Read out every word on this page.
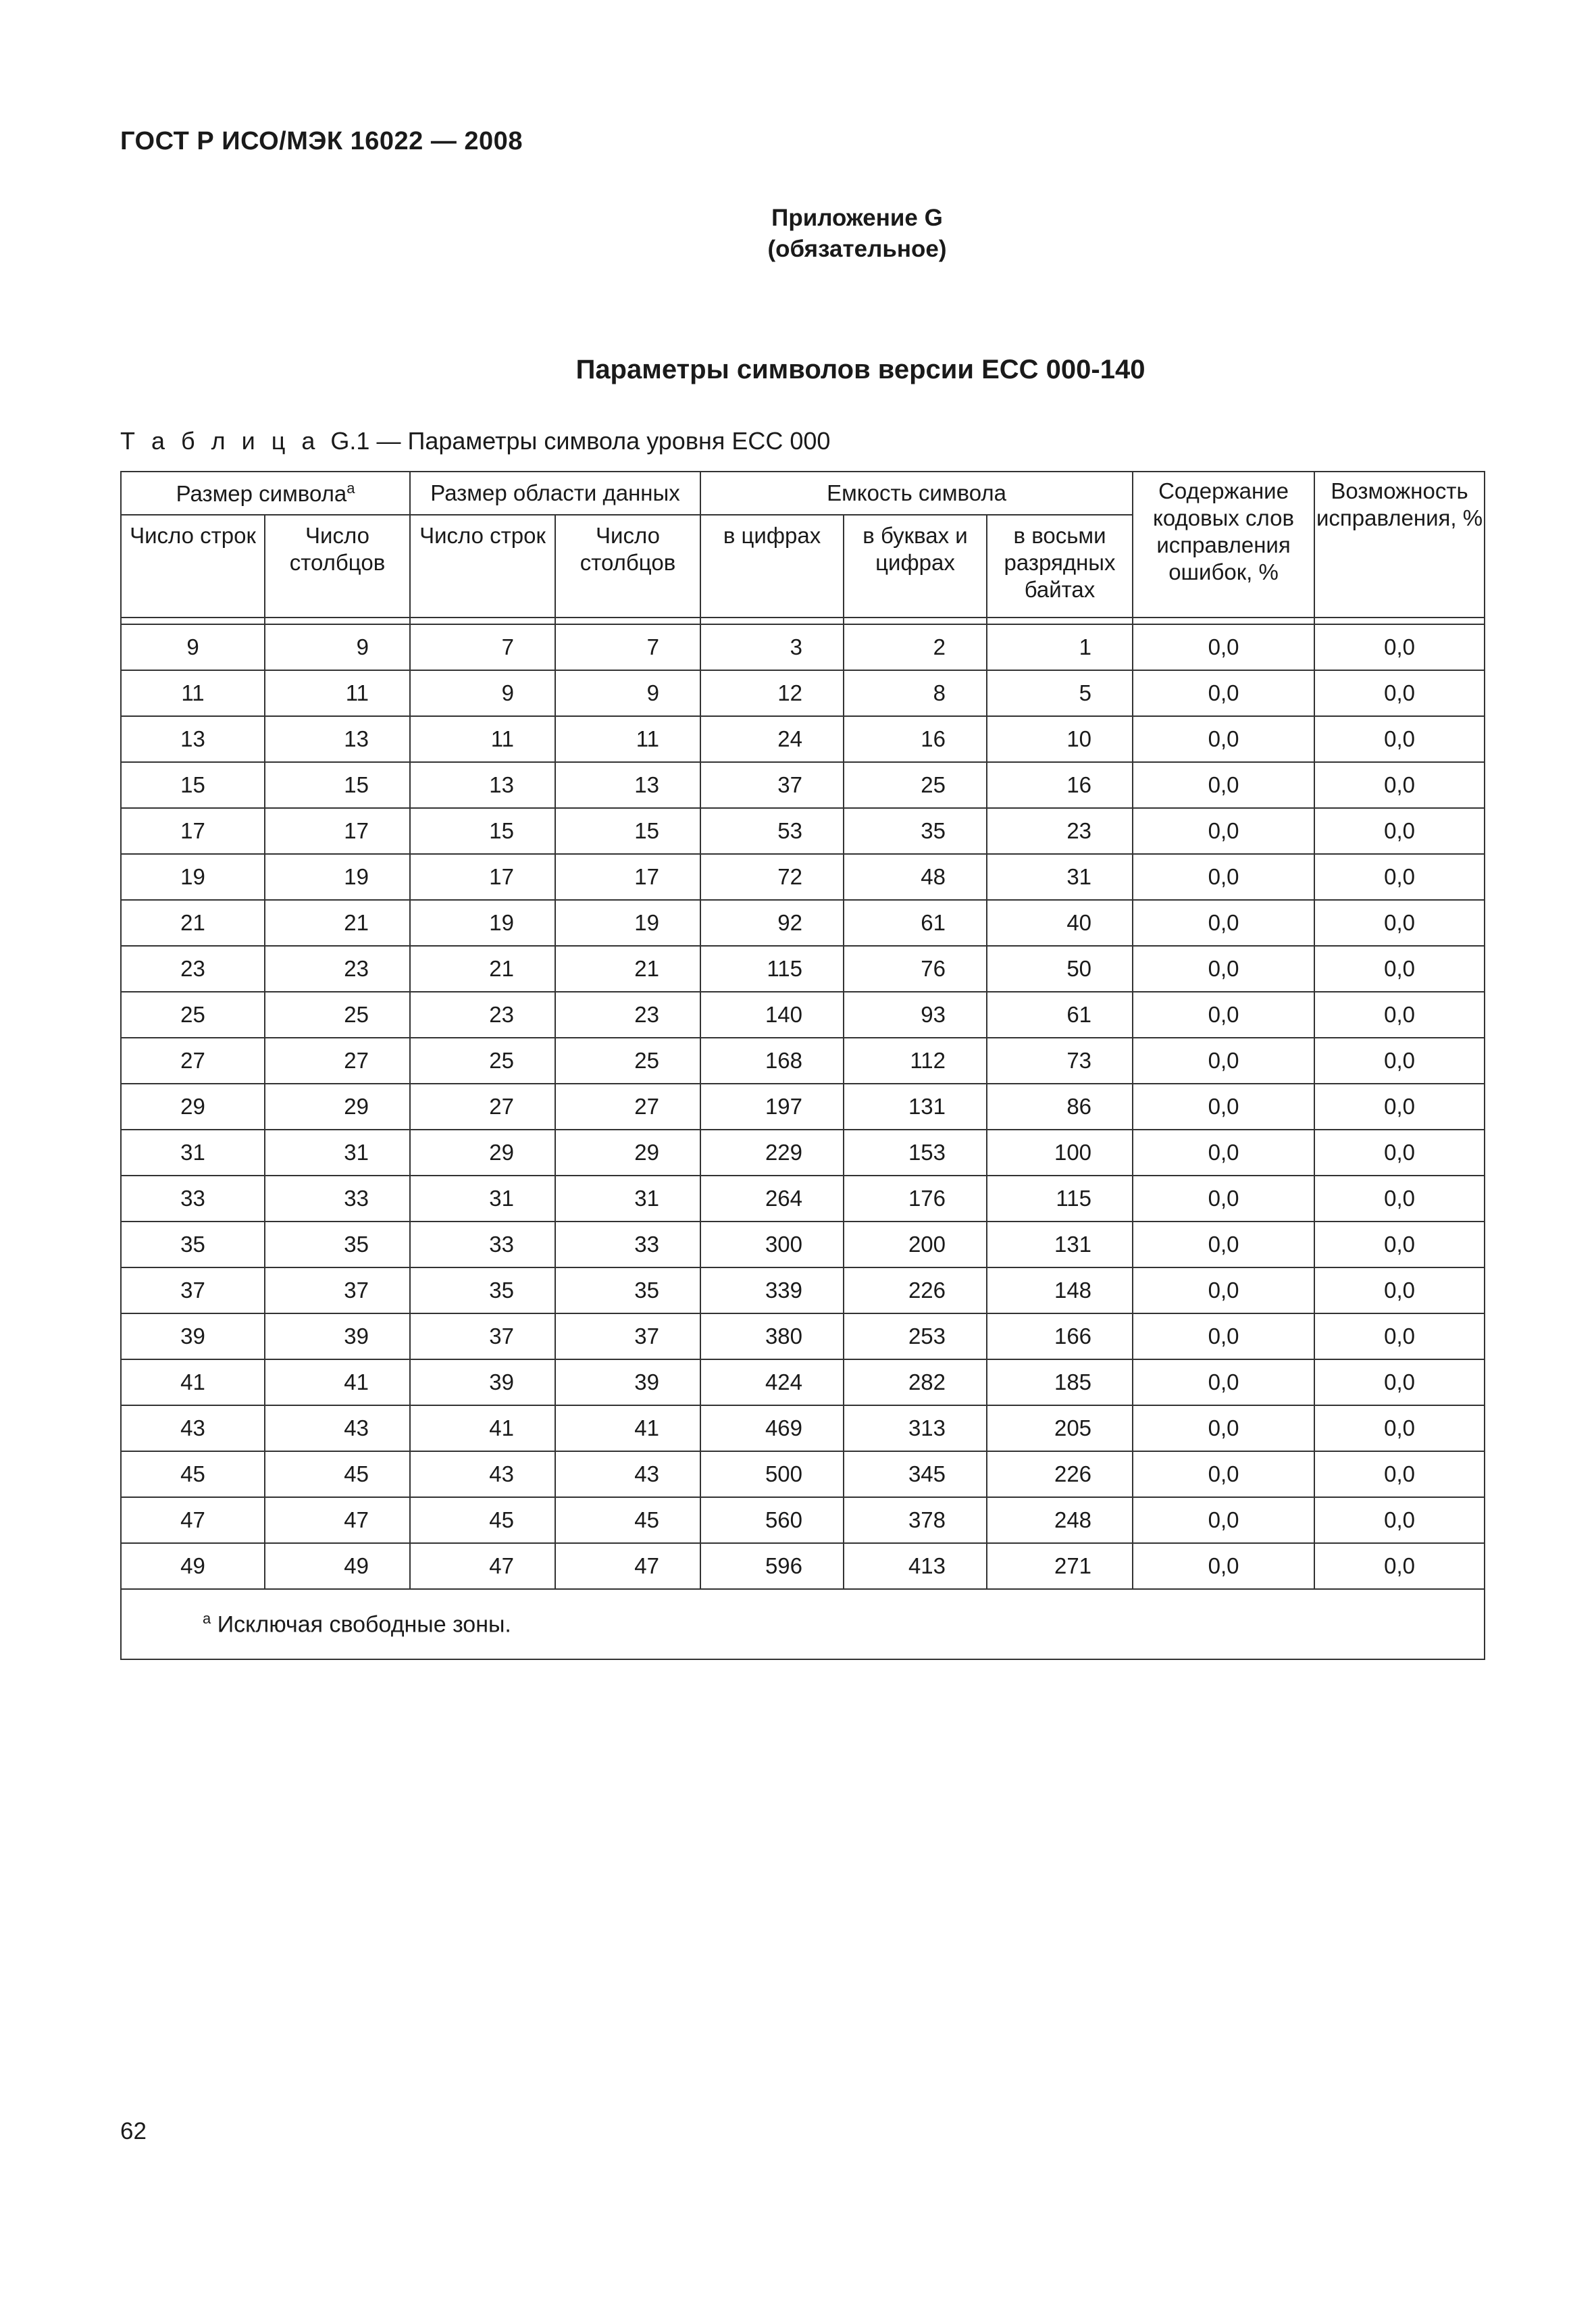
ГОСТ Р ИСО/МЭК 16022 — 2008
Приложение G
(обязательное)
Параметры символов версии ECC 000-140
Т а б л и ц а G.1 — Параметры символа уровня ECC 000
Размер символа$^a$		Размер области данных		Емкость символа			Содержание кодовых слов исправления ошибок, %	Возможность исправления, %
Число строк	Число столбцов	Число строк	Число столбцов	в цифрах	в буквах и цифрах	в восьми разрядных байтах		

9	9	7	7	3	2	1	0,0	0,0
11	11	9	9	12	8	5	0,0	0,0
13	13	11	11	24	16	10	0,0	0,0
15	15	13	13	37	25	16	0,0	0,0
17	17	15	15	53	35	23	0,0	0,0
19	19	17	17	72	48	31	0,0	0,0
21	21	19	19	92	61	40	0,0	0,0
23	23	21	21	115	76	50	0,0	0,0
25	25	23	23	140	93	61	0,0	0,0
27	27	25	25	168	112	73	0,0	0,0
29	29	27	27	197	131	86	0,0	0,0
31	31	29	29	229	153	100	0,0	0,0
33	33	31	31	264	176	115	0,0	0,0
35	35	33	33	300	200	131	0,0	0,0
37	37	35	35	339	226	148	0,0	0,0
39	39	37	37	380	253	166	0,0	0,0
41	41	39	39	424	282	185	0,0	0,0
43	43	41	41	469	313	205	0,0	0,0
45	45	43	43	500	345	226	0,0	0,0
47	47	45	45	560	378	248	0,0	0,0
49	49	47	47	596	413	271	0,0	0,0
$^a$ Исключая свободные зоны.								
62
